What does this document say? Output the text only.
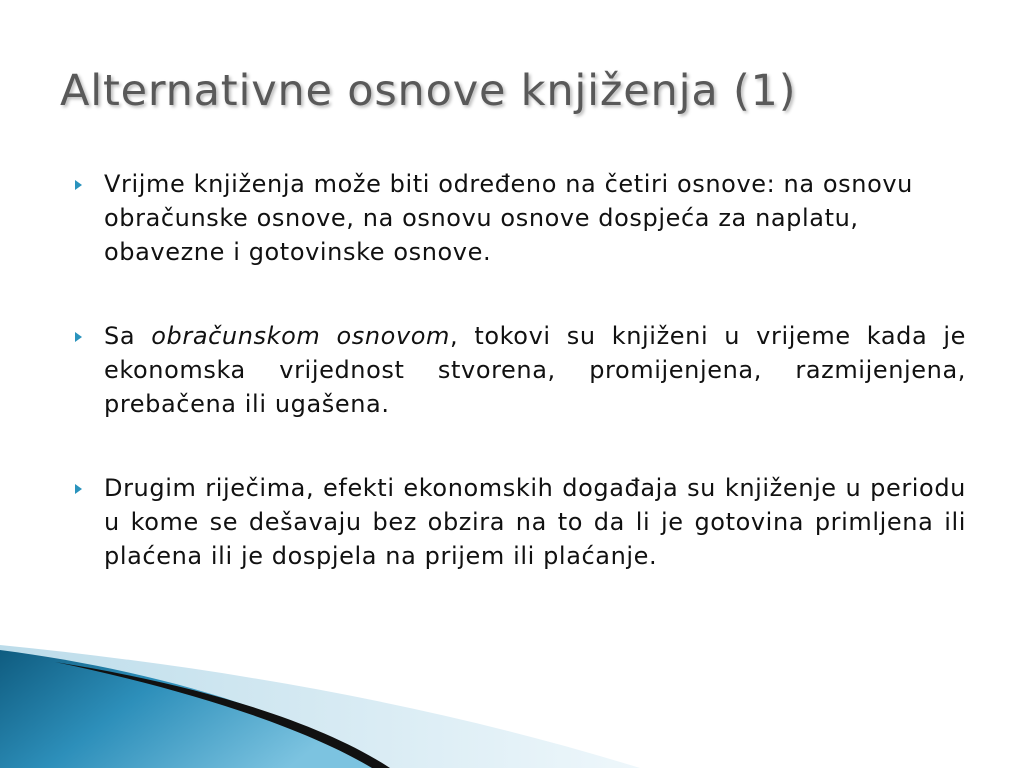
Alternativne osnove knjiženja (1)
Vrijme knjiženja može biti određeno na četiri osnove: na osnovu obračunske osnove, na osnovu osnove dospjeća za naplatu, obavezne i gotovinske osnove.
Sa obračunskom osnovom, tokovi su knjiženi u vrijeme kada je ekonomska vrijednost stvorena, promijenjena, razmijenjena, prebačena ili ugašena.
Drugim riječima, efekti ekonomskih događaja su knjiženje u periodu u kome se dešavaju bez obzira na to da li je gotovina primljena ili plaćena ili je dospjela na prijem ili plaćanje.
